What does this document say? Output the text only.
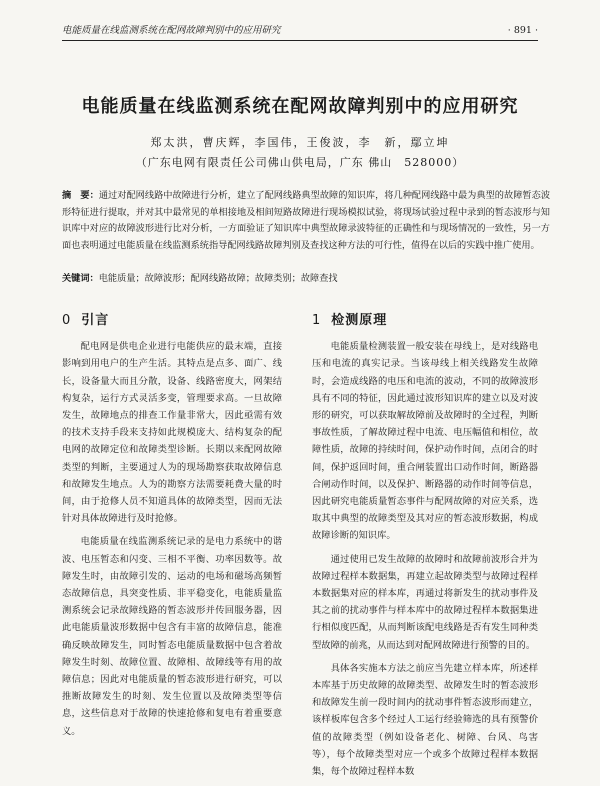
电能质量在线监测系统在配网故障判别中的应用研究	· 891 ·
电能质量在线监测系统在配网故障判别中的应用研究
郑太洪，曹庆辉，李国伟，王俊波，李　新，鄢立坤
（广东电网有限责任公司佛山供电局，广东 佛山　528000）
摘　要：通过对配网线路中故障进行分析，建立了配网线路典型故障的知识库，将几种配网线路中最为典型的故障暂态波形特征进行提取，并对其中最常见的单相接地及相间短路故障进行现场模拟试验，将现场试验过程中录到的暂态波形与知识库中对应的故障波形进行比对分析，一方面验证了知识库中典型故障录波特征的正确性和与现场情况的一致性，另一方面也表明通过电能质量在线监测系统指导配网线路故障判别及查找这种方法的可行性，值得在以后的实践中推广使用。
关键词：电能质量；故障波形；配网线路故障；故障类别；故障查找
0 引言

配电网是供电企业进行电能供应的最末端，直接影响到用电户的生产生活。其特点是点多、面广、线长，设备量大而且分散，设备、线路密度大，网架结构复杂，运行方式灵活多变，管理要求高。一旦故障发生，故障地点的排查工作量非常大，因此亟需有效的技术支持手段来支持如此规模庞大、结构复杂的配电网的故障定位和故障类型诊断。长期以来配网故障类型的判断，主要通过人为的现场勘察获取故障信息和故障发生地点。人为的勘察方法需要耗费大量的时间，由于抢修人员不知道具体的故障类型，因而无法针对具体故障进行及时抢修。

电能质量在线监测系统记录的是电力系统中的谐波、电压暂态和闪变、三相不平衡、功率因数等。故障发生时，由故障引发的、运动的电场和磁场高频暂态故障信息，具突变性质、非平稳变化，电能质量监测系统会记录故障线路的暂态波形并传回服务器，因此电能质量波形数据中包含有丰富的故障信息，能准确反映故障发生，同时暂态电能质量数据中包含着故障发生时刻、故障位置、故障相、故障线等有用的故障信息；因此对电能质量的暂态波形进行研究，可以推断故障发生的时刻、发生位置以及故障类型等信息，这些信息对于故障的快速抢修和复电有着重要意义。

1 检测原理

电能质量检测装置一般安装在母线上，是对线路电压和电流的真实记录。当该母线上相关线路发生故障时，会造成线路的电压和电流的波动，不同的故障波形具有不同的特征，因此通过波形知识库的建立以及对波形的研究，可以获取解故障前及故障时的全过程，判断事故性质，了解故障过程中电流、电压幅值和相位，故障性质，故障的持续时间，保护动作时间，点闭合的时间，保护返回时间，重合闸装置出口动作时间，断路器合闸动作时间，以及保护、断路器的动作时间等信息，因此研究电能质量暂态事件与配网故障的对应关系，选取其中典型的故障类型及其对应的暂态波形数据，构成故障诊断的知识库。

通过使用已发生故障的故障时和故障前波形合并为故障过程样本数据集，再建立起故障类型与故障过程样本数据集对应的样本库，再通过将新发生的扰动事件及其之前的扰动事件与样本库中的故障过程样本数据集进行相似度匹配，从而判断该配电线路是否有发生同种类型故障的前兆，从而达到对配网故障进行预警的目的。

具体各实施本方法之前应当先建立样本库，所述样本库基于历史故障的故障类型、故障发生时的暂态波形和故障发生前一段时间内的扰动事件暂态波形而建立，该样板库包含多个经过人工运行经验筛选的具有预警价值的故障类型（例如设备老化、树障、台风、鸟害等），每个故障类型对应一个或多个故障过程样本数据集，每个故障过程样本数
